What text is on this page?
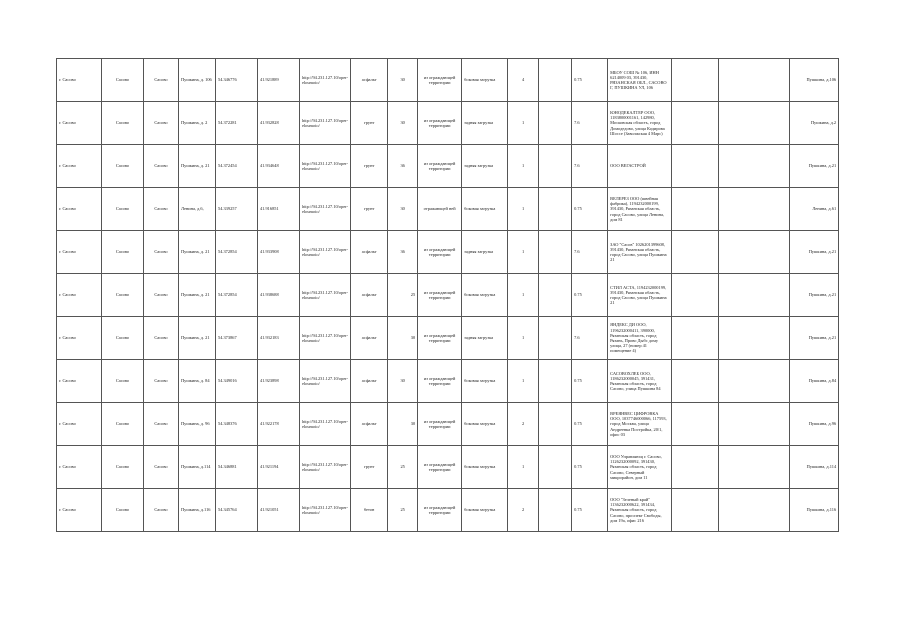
г. Сасово	Сасово	Сасово	Пушкина, д. 106	54.346776	41.921889	http://94.231.127.10/oper-eloumoio/	асфальт	30	из ограждающей территории	боковая загрузка	4		0.75	МБОУ СОШ № 106, ИНН 6214009 03, 391430, РЯЗАНСКАЯ ОБЛ., САСОВО Г, ПУШКИНА УЛ, 106			Пушкина, д.106
г. Сасово	Сасово	Сасово	Пушкина, д. 2	54.372281	41.932828	http://94.231.127.10/oper-eloumoio/	грунт	30	из ограждающей территории	задняя загрузка	1		7.6	ЮНОДЕКАЛТЕР ООО, 1183800001161, 142980, Московская область, город Домодедово, улица Кодирова Шоссе (Заволжская 4 Марс)			Пушкина, д.2
г. Сасово	Сасово	Сасово	Пушкина, д. 21	54.372454	41.934648	http://94.231.127.10/oper-eloumoio/	грунт	36	из ограждающей территории	задняя загрузка	1		7.6	ООО ВЕГАСТРОЙ			Пушкина, д.21
г. Сасово	Сасово	Сасово	Ленина, д.6,	54.339257	41.916851	http://94.231.127.10/oper-eloumoio/	грунт	30	отражающей ней	боковая загрузка	1		0.75	ВЕЛЕРЕЗ ООО (швейная фабрика), 1194232000199, 391430, Рязанская область, город Сасово, улица Ленина, дом 81			Ленина, д.61
г. Сасово	Сасово	Сасово	Пушкина, д. 21	54.372854	41.933908	http://94.231.127.10/oper-eloumoio/	асфальт	36	из ограждающей территории	задняя загрузка	1		7.6	ЗАО "Сасов" 1026201399608, 391430, Рязанская область, город Сасово, улица Пушкина 21			Пушкина, д.21
г. Сасово	Сасово	Сасово	Пушкина, д. 21	54.372854	41.938688	http://94.231.127.10/oper-eloumoio/	асфальт	25	из ограждающей территории	боковая загрузка	1		0.75	СТИЛ АСТА, 1194232000199, 391430, Рязанская область, город Сасово, улица Пушкина 21			Пушкина, д.21
г. Сасово	Сасово	Сасово	Пушкина, д. 21	54.373867	41.932183	http://94.231.127.10/oper-eloumoio/	асфальт	30	из ограждающей территории	задняя загрузка	1		7.6	ЯНДЕКС ДИ ООО, 1196232000411, 390000, Рязанская область, город Рязань, Прово Дыбс дому улица, 27 (номер 41 помещение 4)			Пушкина, д.21
г. Сасово	Сасово	Сасово	Пушкина, д. 84	54.349016	41.923898	http://94.231.127.10/oper-eloumoio/	асфальт	30	из ограждающей территории	боковая загрузка	1		0.75	САСОВОХЛЕБ ООО, 1186232000045, 391431, Рязанская область, город Сасово, улица Пушкина 84			Пушкина, д.84
г. Сасово	Сасово	Сасово	Пушкина, д. 96	54.348376	41.922178	http://94.231.127.10/oper-eloumoio/	асфальт	30	из ограждающей территории	боковая загрузка	2		0.75	ВРЕЯНВЕС ЦИФРОВКА ООО, 1037746000066, 117593, город Москва, улица Андреевка Постройка, 20/1, офис 03			Пушкина, д.96
г. Сасово	Сасово	Сасово	Пушкина, д.114	54.346881	41.921194	http://94.231.127.10/oper-eloumoio/	грунт	25	из ограждающей территории	боковая загрузка	1		0.75	ООО Управляющ г. Сасово, 1126232000092, 391430, Рязанская область, город Сасово, Северный микрорайон, дом 11			Пушкина, д.114
г. Сасово	Сасово	Сасово	Пушкина, д.116	54.345764	41.921051	http://94.231.127.10/oper-eloumoio/	бетон	25	из ограждающей территории	боковая загрузка	2		0.75	ООО "Зеленый край" 1136232000622, 391434, Рязанская область, город Сасово, проспект Свободы, дом 19а, офис 216			Пушкина, д.116
